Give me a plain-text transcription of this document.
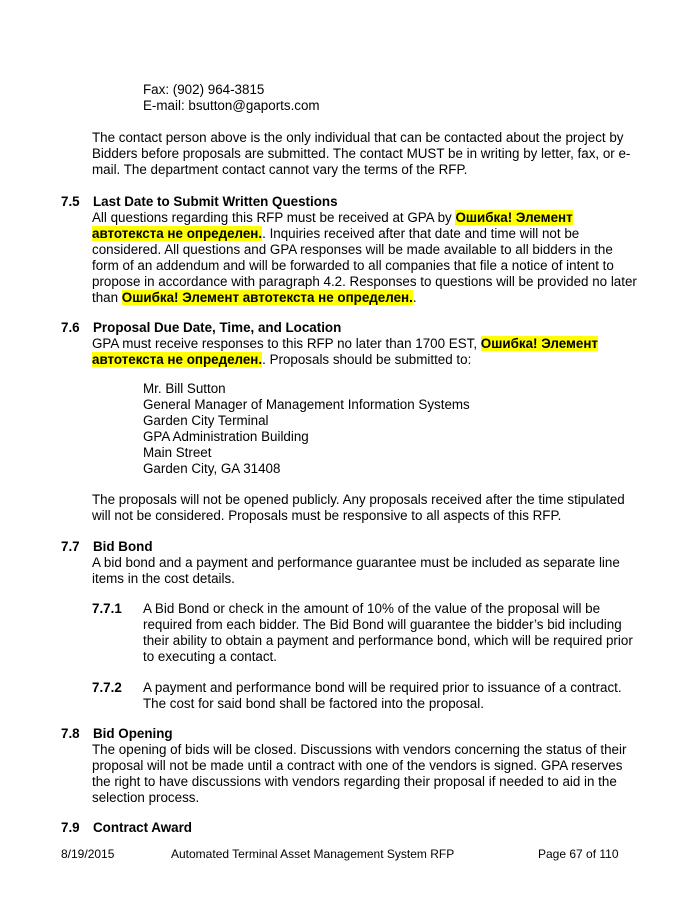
Fax: (902) 964-3815
E-mail: bsutton@gaports.com
The contact person above is the only individual that can be contacted about the project by
Bidders before proposals are submitted. The contact MUST be in writing by letter, fax, or e-
mail. The department contact cannot vary the terms of the RFP.
7.5 Last Date to Submit Written Questions
All questions regarding this RFP must be received at GPA by Ошибка! Элемент
автотекста не определен.. Inquiries received after that date and time will not be
considered. All questions and GPA responses will be made available to all bidders in the
form of an addendum and will be forwarded to all companies that file a notice of intent to
propose in accordance with paragraph 4.2. Responses to questions will be provided no later
than Ошибка! Элемент автотекста не определен..
7.6 Proposal Due Date, Time, and Location
GPA must receive responses to this RFP no later than 1700 EST, Ошибка! Элемент
автотекста не определен.. Proposals should be submitted to:
Mr. Bill Sutton
General Manager of Management Information Systems
Garden City Terminal
GPA Administration Building
Main Street
Garden City, GA 31408
The proposals will not be opened publicly. Any proposals received after the time stipulated
will not be considered. Proposals must be responsive to all aspects of this RFP.
7.7 Bid Bond
A bid bond and a payment and performance guarantee must be included as separate line
items in the cost details.
7.7.1 A Bid Bond or check in the amount of 10% of the value of the proposal will be
required from each bidder. The Bid Bond will guarantee the bidder’s bid including
their ability to obtain a payment and performance bond, which will be required prior
to executing a contact.
7.7.2 A payment and performance bond will be required prior to issuance of a contract.
The cost for said bond shall be factored into the proposal.
7.8 Bid Opening
The opening of bids will be closed. Discussions with vendors concerning the status of their
proposal will not be made until a contract with one of the vendors is signed. GPA reserves
the right to have discussions with vendors regarding their proposal if needed to aid in the
selection process.
7.9 Contract Award
8/19/2015	Automated Terminal Asset Management System RFP	Page 67 of 110
